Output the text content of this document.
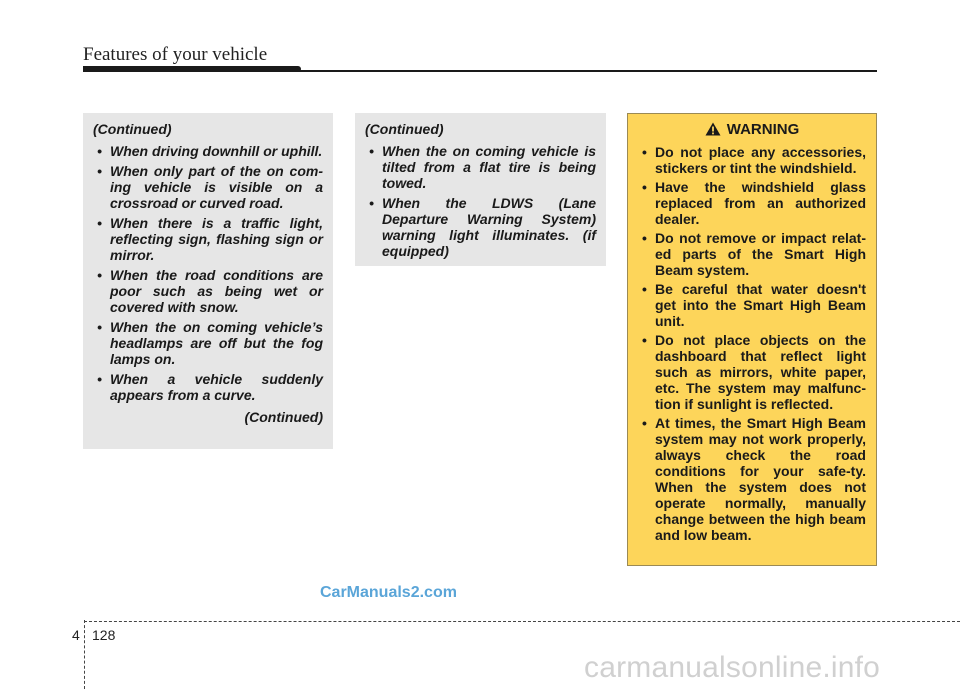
Features of your vehicle
(Continued)
• When driving downhill or uphill.
• When only part of the on com-ing vehicle is visible on a crossroad or curved road.
• When there is a traffic light, reflecting sign, flashing sign or mirror.
• When the road conditions are poor such as being wet or covered with snow.
• When the on coming vehicle’s headlamps are off but the fog lamps on.
• When a vehicle suddenly appears from a curve.
(Continued)
(Continued)
• When the on coming vehicle is tilted from a flat tire is being towed.
• When the LDWS (Lane Departure Warning System) warning light illuminates. (if equipped)
WARNING
• Do not place any accessories, stickers or tint the windshield.
• Have the windshield glass replaced from an authorized dealer.
• Do not remove or impact relat-ed parts of the Smart High Beam system.
• Be careful that water doesn't get into the Smart High Beam unit.
• Do not place objects on the dashboard that reflect light such as mirrors, white paper, etc. The system may malfunc-tion if sunlight is reflected.
• At times, the Smart High Beam system may not work properly, always check the road conditions for your safe-ty. When the system does not operate normally, manually change between the high beam and low beam.
CarManuals2.com
4 128
carmanualsonline.info
